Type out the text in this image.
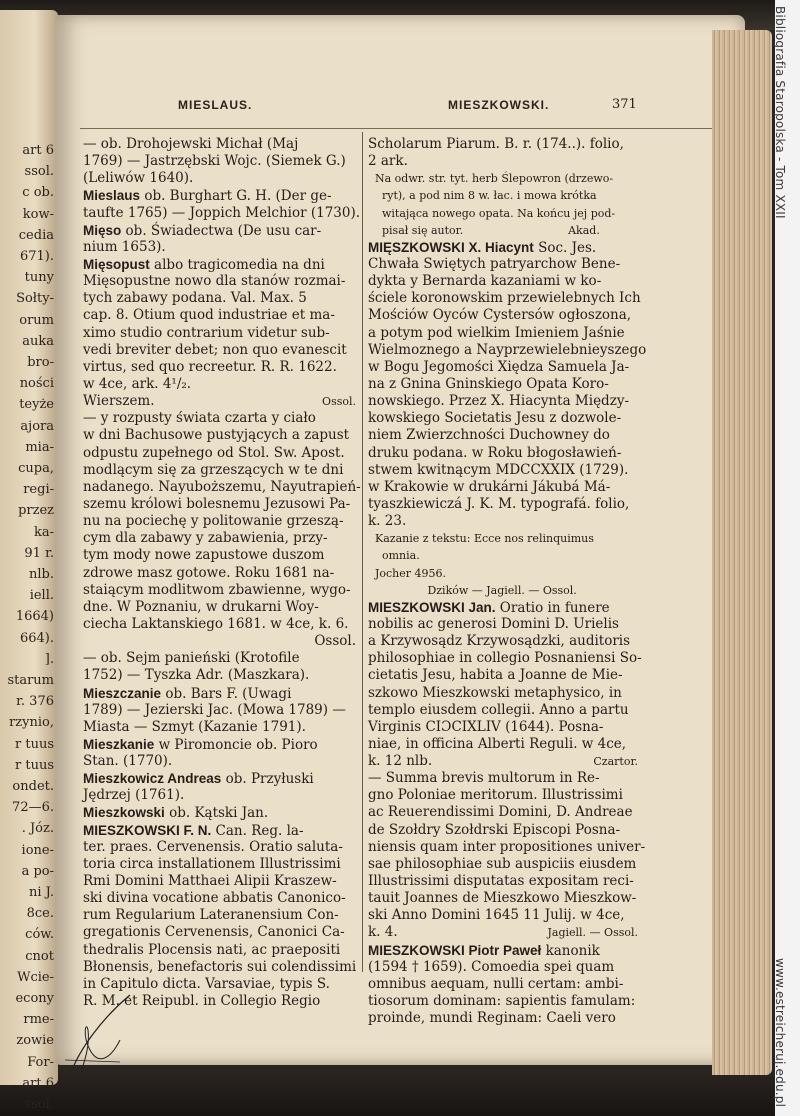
art 6
ssol.
c ob.
kow-
cedia
671).
tuny
Sołty-
orum
auka
bro-
ności
teyże
ajora
mia-
cupa,
regi-
przez
ka-
91 r.
nlb.
iell.
1664)
664).
].
starum
r. 376
rzynio,
r tuus
r tuus
ondet.
72—6.
. Józ.
ione-
a po-
ni J.
8ce.
ców.
cnot
Wcie-
econy
rme-
zowie
For-
art 6
ssol.
MIESLAUS.	MIESZKOWSKI.	371
— ob. Drohojewski Michał (Maj
1769) — Jastrzębski Wojc. (Siemek G.)
(Leliwów 1640).
Mieslaus ob. Burghart G. H. (Der ge-
taufte 1765) — Joppich Melchior (1730).
Mięso ob. Świadectwa (De usu car-
nium 1653).
Mięsopust albo tragicomedia na dni
Mięsopustne nowo dla stanów rozmai-
tych zabawy podana. Val. Max. 5
cap. 8. Otium quod industriae et ma-
ximo studio contrarium videtur sub-
vedi breviter debet; non quo evanescit
virtus, sed quo recreetur. R. R. 1622.
w 4ce, ark. 4¹/₂.
Wierszem.	Ossol.
— y rozpusty świata czarta y ciało
w dni Bachusowe pustyjących a zapust
odpustu zupełnego od Stol. Sw. Apost.
modlącym się za grzeszących w te dni
nadanego. Nayuboższemu, Nayutrapień-
szemu królowi bolesnemu Jezusowi Pa-
nu na pociechę y politowanie grzeszą-
cym dla zabawy y zabawienia, przy-
tym mody nowe zapustowe duszom
zdrowe masz gotowe. Roku 1681 na-
staiącym modlitwom zbawienne, wygo-
dne. W Poznaniu, w drukarni Woy-
ciecha Laktanskiego 1681. w 4ce, k. 6.
Ossol.
— ob. Sejm panieński (Krotofile
1752) — Tyszka Adr. (Maszkara).
Mieszczanie ob. Bars F. (Uwagi
1789) — Jezierski Jac. (Mowa 1789) —
Miasta — Szmyt (Kazanie 1791).
Mieszkanie w Piromoncie ob. Pioro
Stan. (1770).
Mieszkowicz Andreas ob. Przyłuski
Jędrzej (1761).
Mieszkowski ob. Kątski Jan.
MIESZKOWSKI F. N. Can. Reg. la-
ter. praes. Cervenensis. Oratio saluta-
toria circa installationem Illustrissimi
Rmi Domini Matthaei Alipii Kraszew-
ski divina vocatione abbatis Canonico-
rum Regularium Lateranensium Con-
gregationis Cervenensis, Canonici Ca-
thedralis Plocensis nati, ac praepositi
Błonensis, benefactoris sui colendissimi
in Capitulo dicta. Varsaviae, typis S.
R. M. et Reipubl. in Collegio Regio
Scholarum Piarum. B. r. (174..). folio,
2 ark.
Na odwr. str. tyt. herb Ślepowron (drzewo-
ryt), a pod nim 8 w. łac. i mowa krótka
witająca nowego opata. Na końcu jej pod-
pisał się autor.                              Akad.
MIĘSZKOWSKI X. Hiacynt Soc. Jes.
Chwała Swiętych patryarchow Bene-
dykta y Bernarda kazaniami w ko-
ściele koronowskim przewielebnych Ich
Mościów Oyców Cystersów ogłoszona,
a potym pod wielkim Imieniem Jaśnie
Wielmoznego a Nayprzewielebnieyszego
w Bogu Jegomości Xiędza Samuela Ja-
na z Gnina Gninskiego Opata Koro-
nowskiego. Przez X. Hiacynta Między-
kowskiego Societatis Jesu z dozwole-
niem Zwierzchności Duchowney do
druku podana. w Roku błogosławień-
stwem kwitnącym MDCCXXIX (1729).
w Krakowie w drukárni Jákubá Má-
tyaszkiewiczá J. K. M. typografá. folio,
k. 23.
Kazanie z tekstu: Ecce nos relinquimus
omnia.
Jocher 4956.
Dzików — Jagiell. — Ossol.
MIESZKOWSKI Jan. Oratio in funere
nobilis ac generosi Domini D. Urielis
a Krzywosądz Krzywosądzki, auditoris
philosophiae in collegio Posnaniensi So-
cietatis Jesu, habita a Joanne de Mie-
szkowo Mieszkowski metaphysico, in
templo eiusdem collegii. Anno a partu
Virginis CIƆCIXLIV (1644). Posna-
niae, in officina Alberti Reguli. w 4ce,
k. 12 nlb.	Czartor.
— Summa brevis multorum in Re-
gno Poloniae meritorum. Illustrissimi
ac Reuerendissimi Domini, D. Andreae
de Szołdry Szołdrski Episcopi Posna-
niensis quam inter propositiones univer-
sae philosophiae sub auspiciis eiusdem
Illustrissimi disputatas expositam reci-
tauit Joannes de Mieszkowo Mieszkow-
ski Anno Domini 1645 11 Julij. w 4ce,
k. 4.	Jagiell. — Ossol.
MIESZKOWSKI Piotr Paweł kanonik
(1594 † 1659). Comoedia spei quam
omnibus aequam, nulli certam: ambi-
tiosorum dominam: sapientis famulam:
proinde, mundi Reginam: Caeli vero
Bibliografia Staropolska - Tom XXII
www.estreicheruj.edu.pl
